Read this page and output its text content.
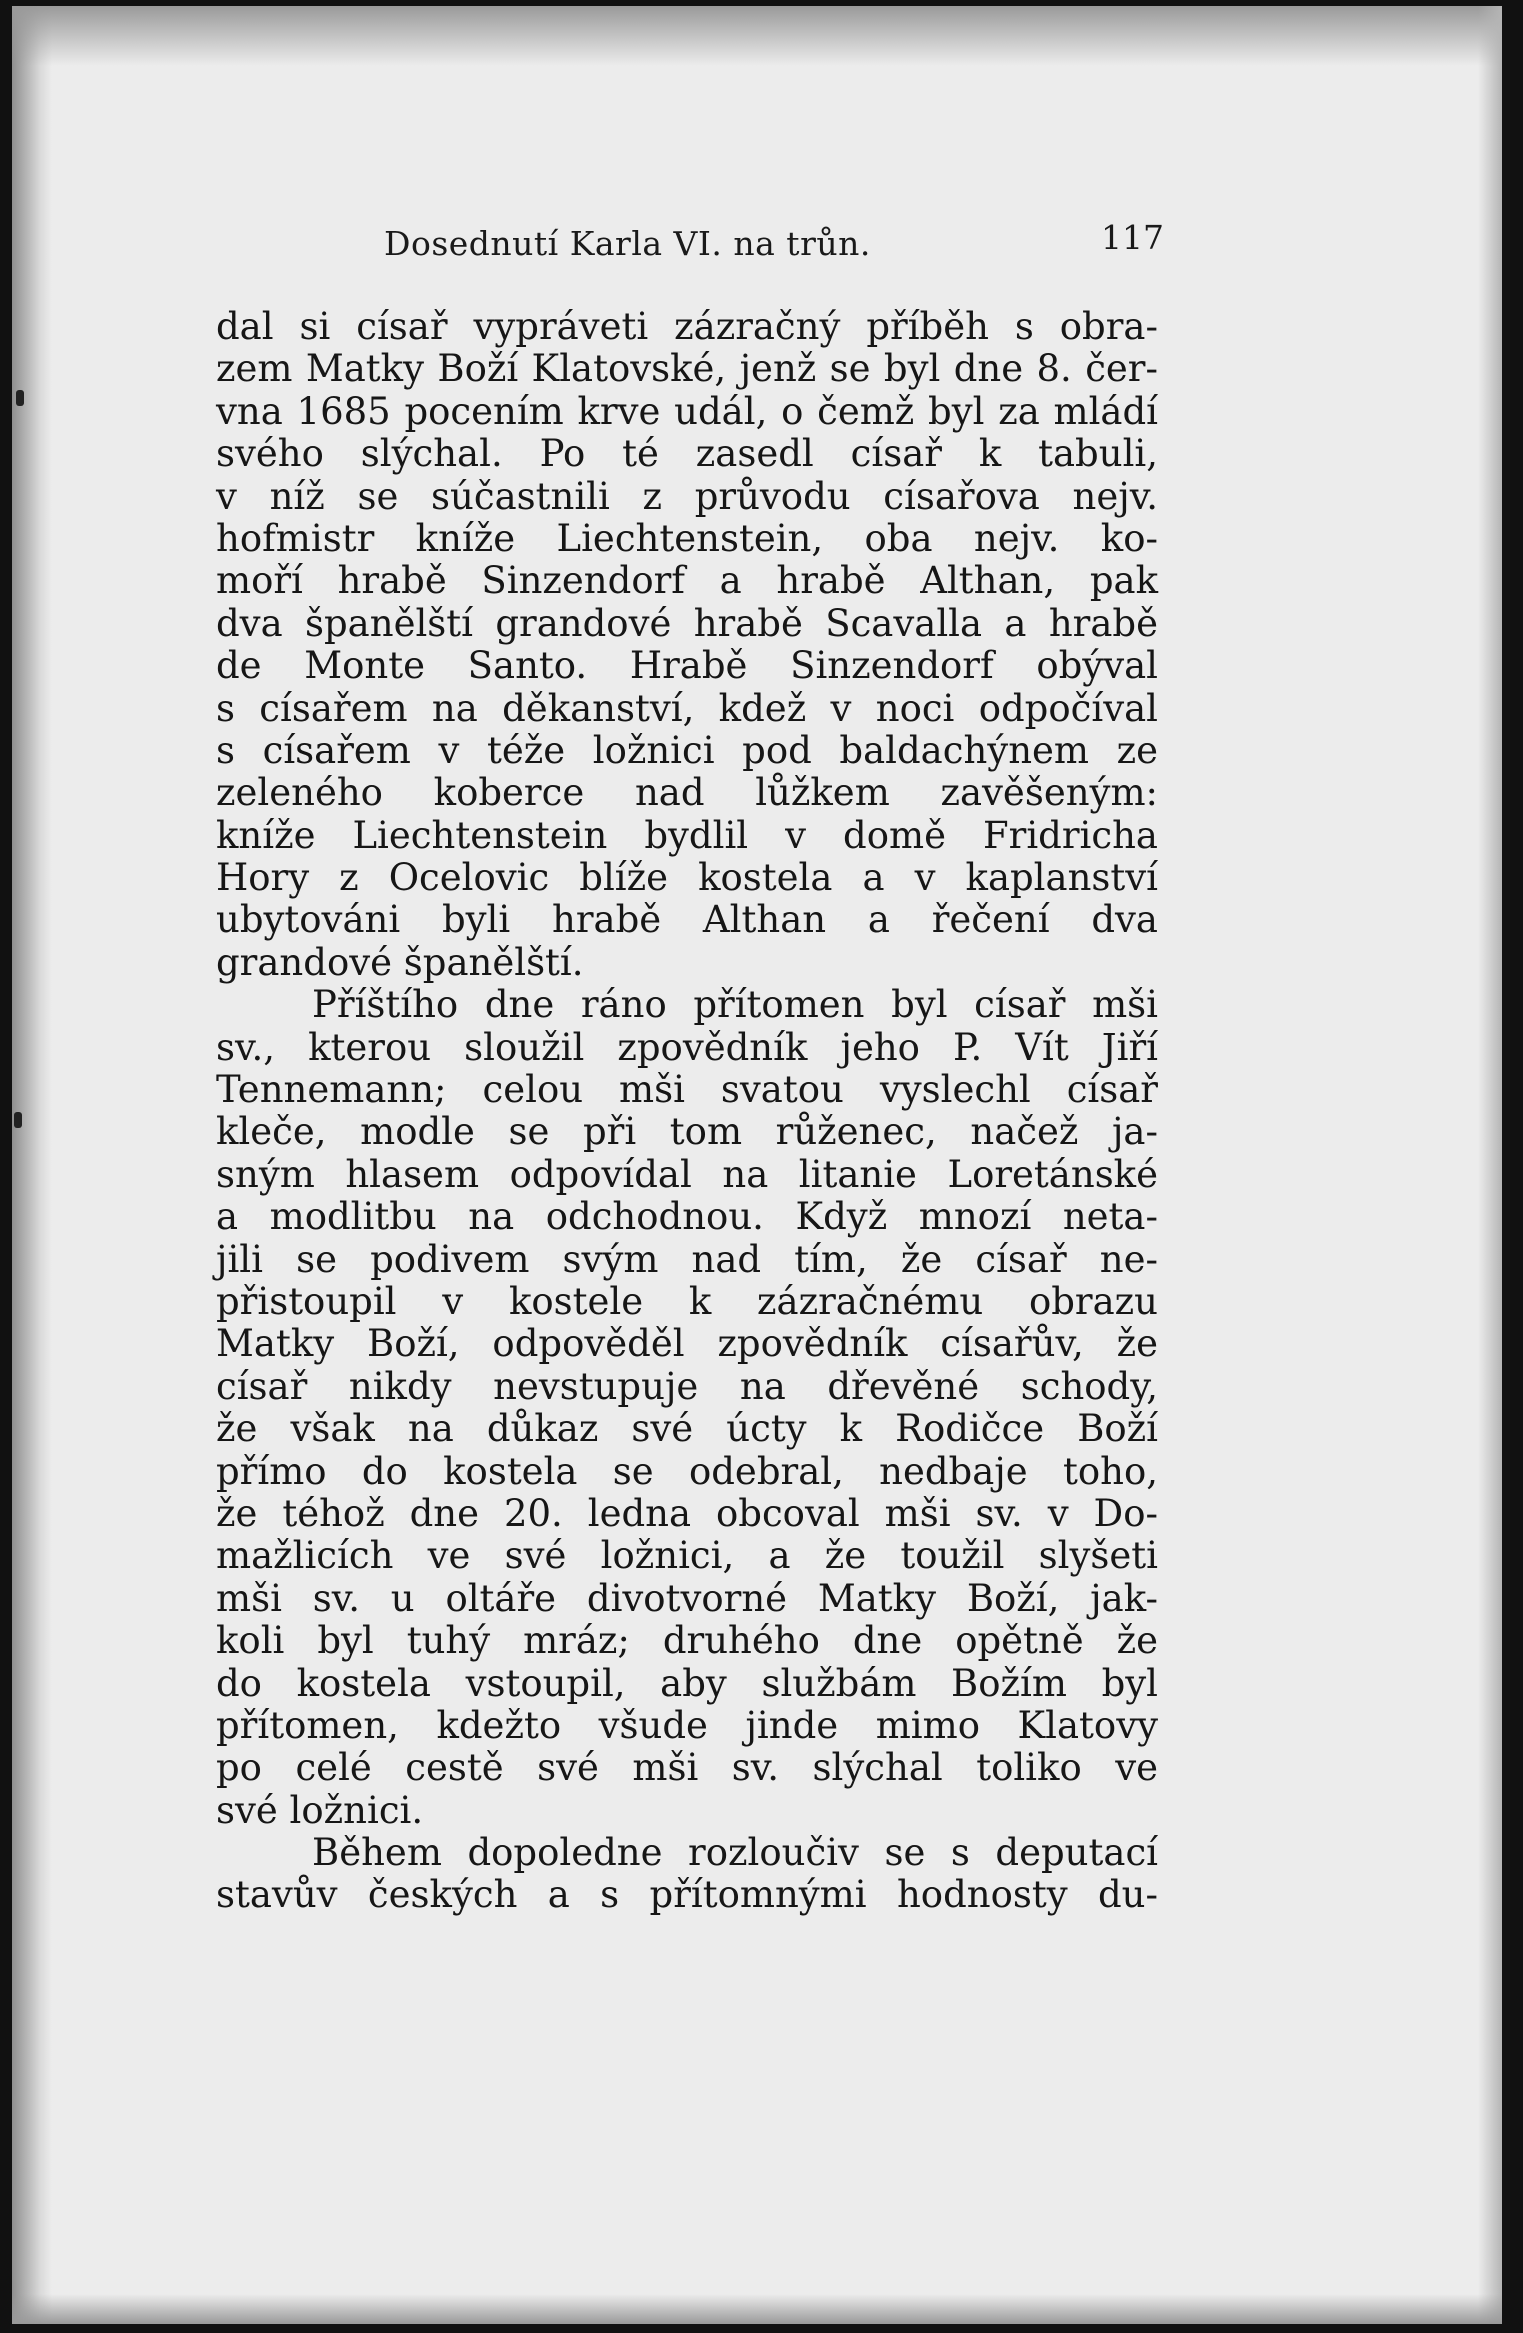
Dosednutí Karla VI. na trůn.	117
dal si císař vypráveti zázračný příběh s obra-
zem Matky Boží Klatovské, jenž se byl dne 8. čer-
vna 1685 pocením krve udál, o čemž byl za mládí
svého slýchal. Po té zasedl císař k tabuli,
v níž se súčastnili z průvodu císařova nejv.
hofmistr kníže Liechtenstein, oba nejv. ko-
moří hrabě Sinzendorf a hrabě Althan, pak
dva španělští grandové hrabě Scavalla a hrabě
de Monte Santo. Hrabě Sinzendorf obýval
s císařem na děkanství, kdež v noci odpočíval
s císařem v téže ložnici pod baldachýnem ze
zeleného koberce nad lůžkem zavěšeným:
kníže Liechtenstein bydlil v domě Fridricha
Hory z Ocelovic blíže kostela a v kaplanství
ubytováni byli hrabě Althan a řečení dva
grandové španělští.
Příštího dne ráno přítomen byl císař mši
sv., kterou sloužil zpovědník jeho P. Vít Jiří
Tennemann; celou mši svatou vyslechl císař
kleče, modle se při tom růženec, načež ja-
sným hlasem odpovídal na litanie Loretánské
a modlitbu na odchodnou. Když mnozí neta-
jili se podivem svým nad tím, že císař ne-
přistoupil v kostele k zázračnému obrazu
Matky Boží, odpověděl zpovědník císařův, že
císař nikdy nevstupuje na dřevěné schody,
že však na důkaz své úcty k Rodičce Boží
přímo do kostela se odebral, nedbaje toho,
že téhož dne 20. ledna obcoval mši sv. v Do-
mažlicích ve své ložnici, a že toužil slyšeti
mši sv. u oltáře divotvorné Matky Boží, jak-
koli byl tuhý mráz; druhého dne opětně že
do kostela vstoupil, aby službám Božím byl
přítomen, kdežto všude jinde mimo Klatovy
po celé cestě své mši sv. slýchal toliko ve
své ložnici.
Během dopoledne rozloučiv se s deputací
stavův českých a s přítomnými hodnosty du-
